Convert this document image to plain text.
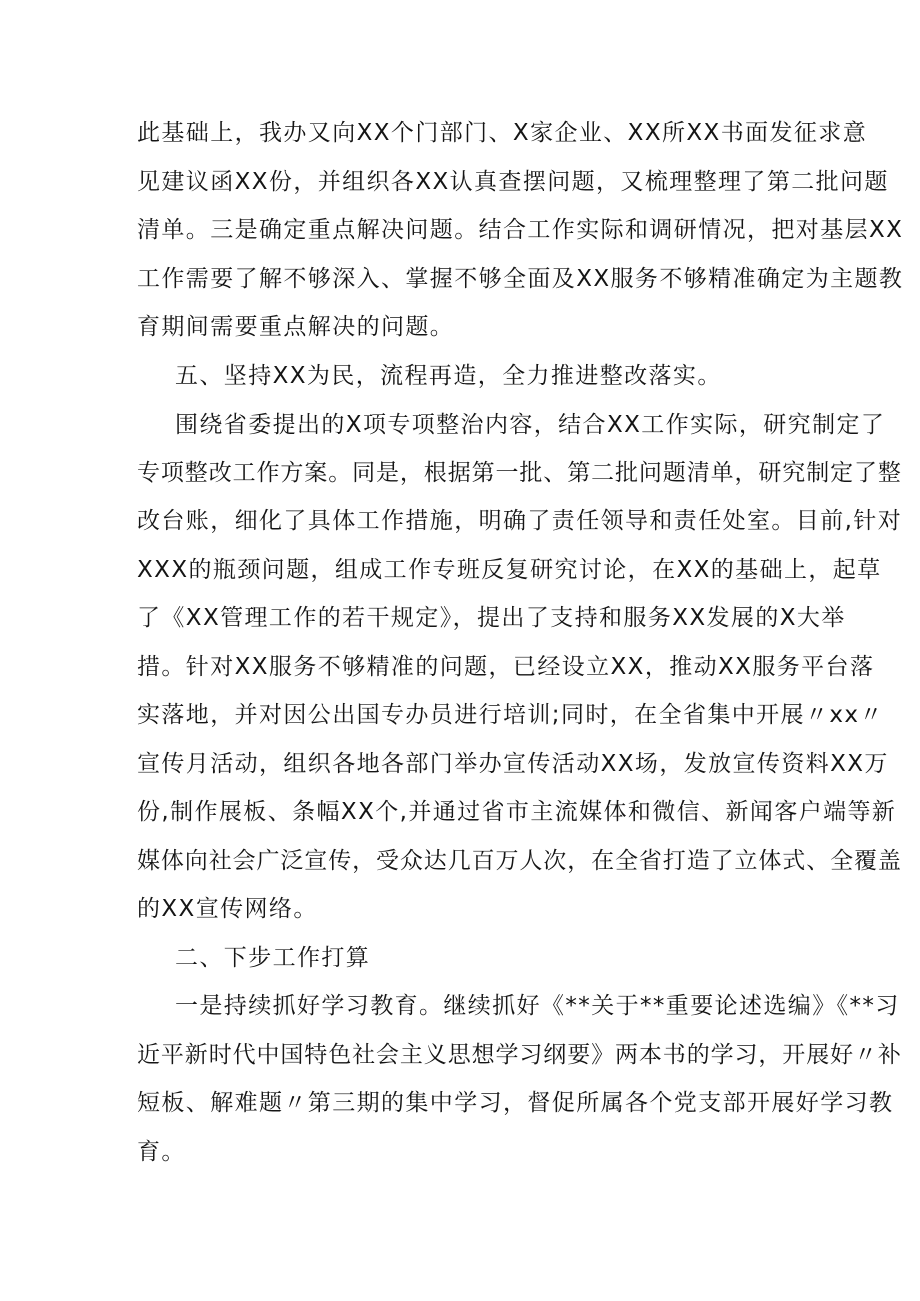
此基础上，我办又向XX个门部门、X家企业、XX所XX书面发征求意
见建议函XX份，并组织各XX认真查摆问题，又梳理整理了第二批问题
清单。三是确定重点解决问题。结合工作实际和调研情况，把对基层XX
工作需要了解不够深入、掌握不够全面及XX服务不够精准确定为主题教
育期间需要重点解决的问题。
五、坚持XX为民，流程再造，全力推进整改落实。
围绕省委提出的X项专项整治内容，结合XX工作实际，研究制定了
专项整改工作方案。同是，根据第一批、第二批问题清单，研究制定了整
改台账，细化了具体工作措施，明确了责任领导和责任处室。目前,针对
XXX的瓶颈问题，组成工作专班反复研究讨论，在XX的基础上，起草
了《XX管理工作的若干规定》，提出了支持和服务XX发展的X大举
措。针对XX服务不够精准的问题，已经设立XX，推动XX服务平台落
实落地，并对因公出国专办员进行培训;同时，在全省集中开展〃xx〃
宣传月活动，组织各地各部门举办宣传活动XX场，发放宣传资料XX万
份,制作展板、条幅XX个,并通过省市主流媒体和微信、新闻客户端等新
媒体向社会广泛宣传，受众达几百万人次，在全省打造了立体式、全覆盖
的XX宣传网络。
二、下步工作打算
一是持续抓好学习教育。继续抓好《**关于**重要论述选编》《**习
近平新时代中国特色社会主义思想学习纲要》两本书的学习，开展好〃补
短板、解难题〃第三期的集中学习，督促所属各个党支部开展好学习教
育。
